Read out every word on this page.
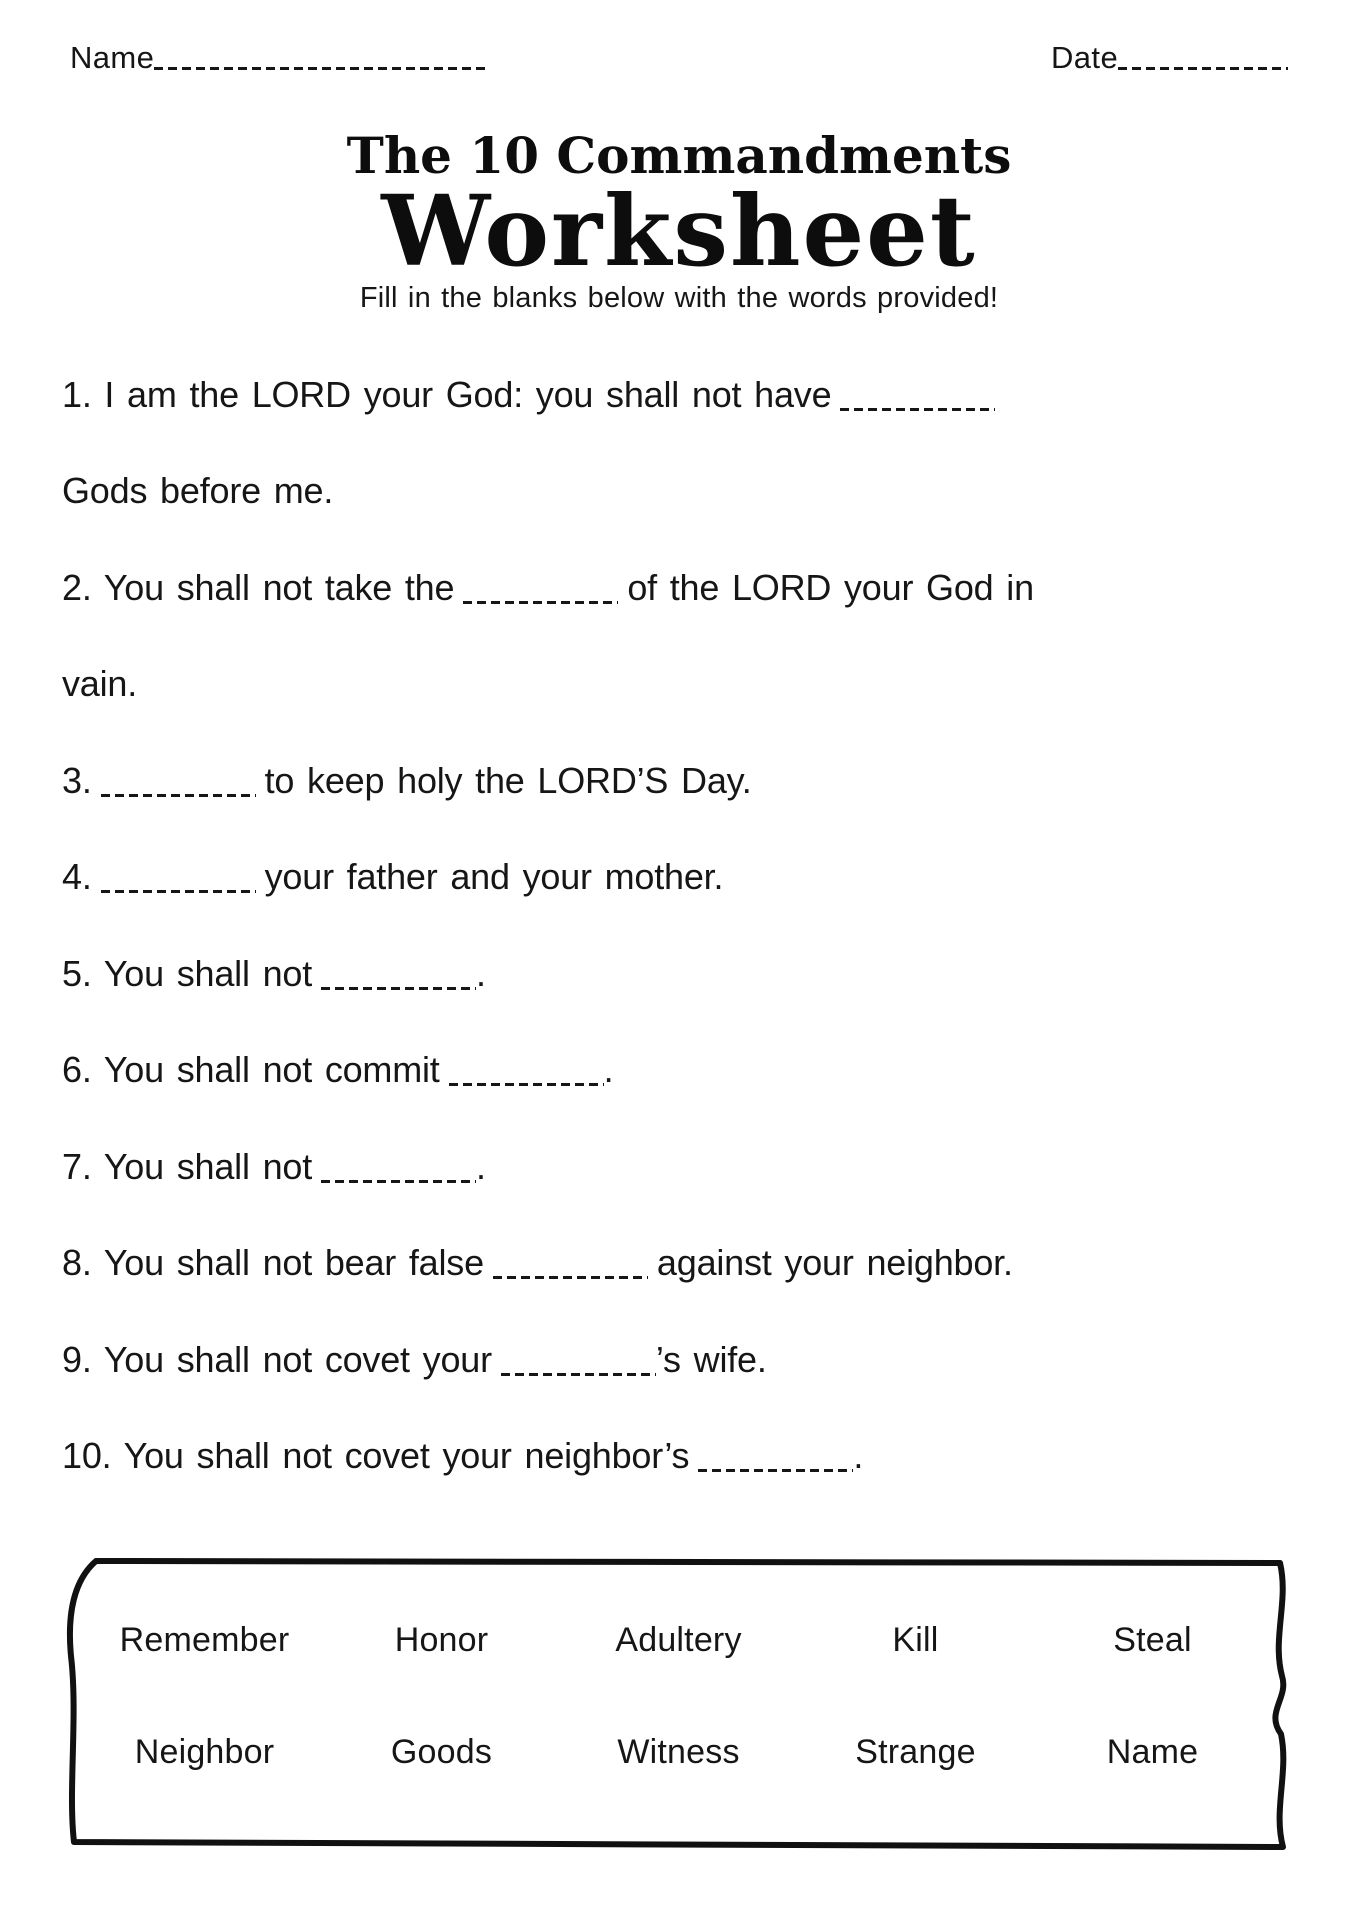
Name	Date
The 10 Commandments
Worksheet
Fill in the blanks below with the words provided!
1. I am the LORD your God: you shall not have
Gods before me.
2. You shall not take the	of the LORD your God in
vain.
3.	to keep holy the LORD’S Day.
4.	your father and your mother.
5. You shall not	.
6. You shall not commit	.
7. You shall not	.
8. You shall not bear false	against your neighbor.
9. You shall not covet your	’s wife.
10. You shall not covet your neighbor’s	.
Remember	Honor	Adultery	Kill	Steal
Neighbor	Goods	Witness	Strange	Name
